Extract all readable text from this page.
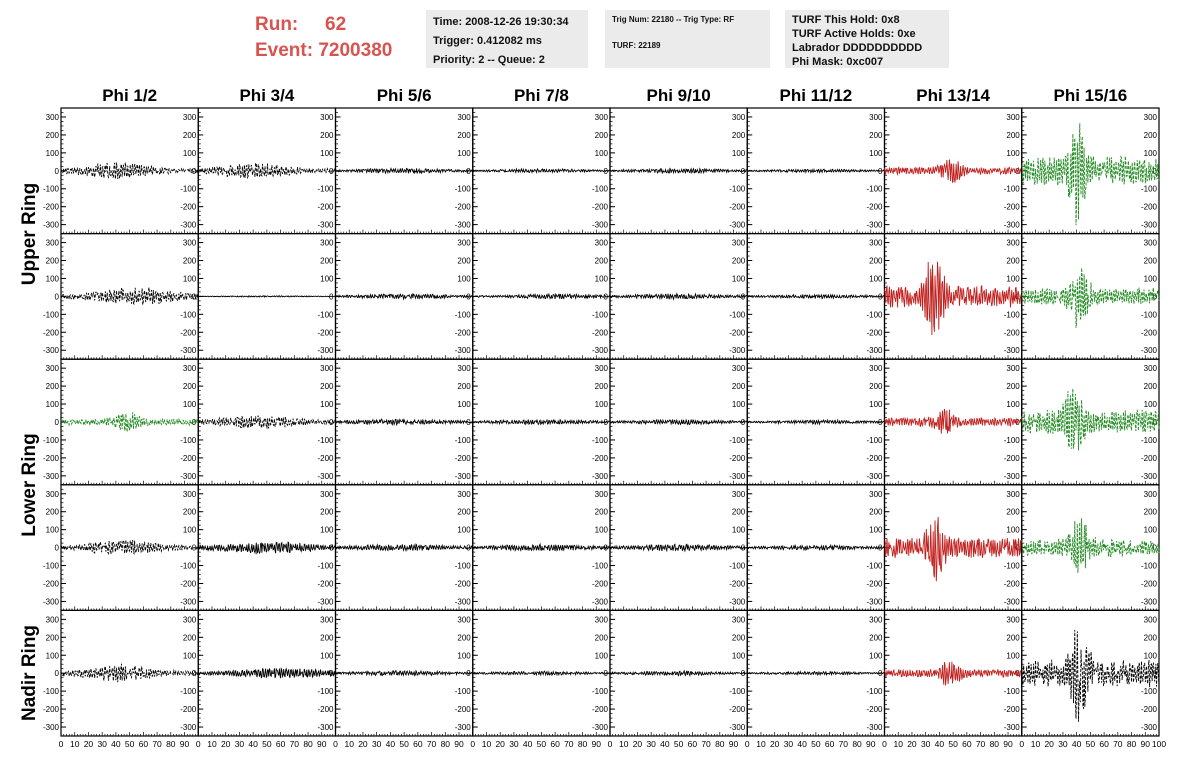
Run: 62
Event: 7200380
Time: 2008-12-26 19:30:34
Trigger: 0.412082 ms
Priority: 2 -- Queue: 2
Trig Num: 22180 -- Trig Type: RF
TURF: 22189
TURF This Hold: 0x8
TURF Active Holds: 0xe
Labrador DDDDDDDDDD
Phi Mask: 0xc007
Phi 1/2	Phi 3/4	Phi 5/6	Phi 7/8	Phi 9/10	Phi 11/12	Phi 13/14	Phi 15/16
Upper Ring
Lower Ring
Nadir Ring
-300	-300
-200	-200
-100	-100
0	0
100	100
200	200
300	300
-300
-200
-100
0
100
200
300
-300
-200
-100
0
100
200
300
-300
-200
-100
0
100
200
300
-300
-200
-100
0
100
200
300
-300
-200
-100
0
100
200
300
-300
-200
-100
0
100
200
300
-300
-200
-100
0
100
200
300
-300	-300
-200	-200
-100	-100
0	0
100	100
200	200
300	300
-300
-200
-100
0
100
200
300
-300
-200
-100
0
100
200
300
-300
-200
-100
0
100
200
300
-300
-200
-100
0
100
200
300
-300
-200
-100
0
100
200
300
-300
-200
-100
0
100
200
300
-300
-200
-100
0
100
200
300
-300	-300
-200	-200
-100	-100
0	0
100	100
200	200
300	300
-300
-200
-100
0
100
200
300
-300
-200
-100
0
100
200
300
-300
-200
-100
0
100
200
300
-300
-200
-100
0
100
200
300
-300
-200
-100
0
100
200
300
-300
-200
-100
0
100
200
300
-300
-200
-100
0
100
200
300
-300	-300
-200	-200
-100	-100
0	0
100	100
200	200
300	300
-300
-200
-100
0
100
200
300
-300
-200
-100
0
100
200
300
-300
-200
-100
0
100
200
300
-300
-200
-100
0
100
200
300
-300
-200
-100
0
100
200
300
-300
-200
-100
0
100
200
300
-300
-200
-100
0
100
200
300
-300	-300
-200	-200
-100	-100
0	0
100	100
200	200
300	300
-300
-200
-100
0
100
200
300
-300
-200
-100
0
100
200
300
-300
-200
-100
0
100
200
300
-300
-200
-100
0
100
200
300
-300
-200
-100
0
100
200
300
-300
-200
-100
0
100
200
300
-300
-200
-100
0
100
200
300
0 10 20 30 40 50 60 70 80 90 0 10 20 30 40 50 60 70 80 90 0 10 20 30 40 50 60 70 80 90 0 10 20 30 40 50 60 70 80 90 0 10 20 30 40 50 60 70 80 90 0 10 20 30 40 50 60 70 80 90 0 10 20 30 40 50 60 70 80 90 0 10 20 30 40 50 60 70 80 90 100
